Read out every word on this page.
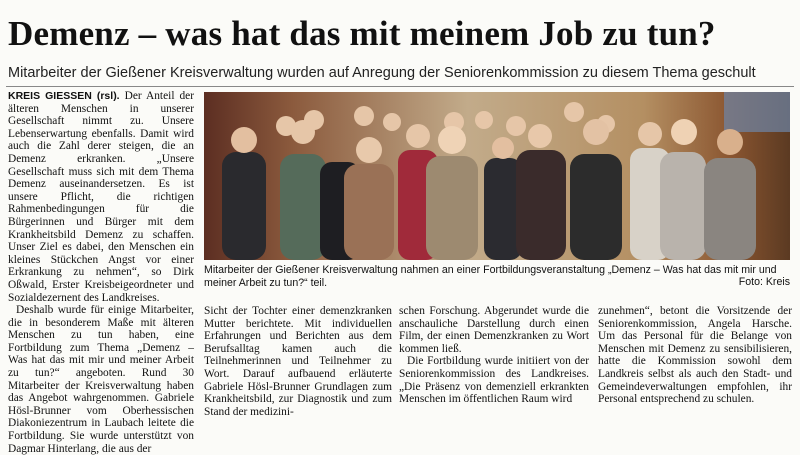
Demenz – was hat das mit meinem Job zu tun?
Mitarbeiter der Gießener Kreisverwaltung wurden auf Anregung der Seniorenkommission zu diesem Thema geschult

KREIS GIESSEN (rsl). Der Anteil der älteren Menschen in unserer Gesellschaft nimmt zu. Unsere Lebenserwartung ebenfalls. Damit wird auch die Zahl derer steigen, die an Demenz erkranken. „Unsere Gesellschaft muss sich mit dem Thema Demenz auseinandersetzen. Es ist unsere Pflicht, die richtigen Rahmenbedingungen für die Bürgerinnen und Bürger mit dem Krankheitsbild Demenz zu schaffen. Unser Ziel es dabei, den Menschen ein kleines Stückchen Angst vor einer Erkrankung zu nehmen“, so Dirk Oßwald, Erster Kreisbeigeordneter und Sozialdezernent des Landkreises.

Deshalb wurde für einige Mitarbeiter, die in besonderem Maße mit älteren Menschen zu tun haben, eine Fortbildung zum Thema „Demenz – Was hat das mit mir und meiner Arbeit zu tun?“ angeboten. Rund 30 Mitarbeiter der Kreisverwaltung haben das Angebot wahrgenommen. Gabriele Hösl-Brunner vom Oberhessischen Diakoniezentrum in Laubach leitete die Fortbildung. Sie wurde unterstützt von Dagmar Hinterlang, die aus der

Mitarbeiter der Gießener Kreisverwaltung nahmen an einer Fortbildungsveranstaltung „Demenz – Was hat das mit mir und meiner Arbeit zu tun?“ teil.	Foto: Kreis

Sicht der Tochter einer demenzkranken Mutter berichtete. Mit individuellen Erfahrungen und Berichten aus dem Berufsalltag kamen auch die Teilnehmerinnen und Teilnehmer zu Wort. Darauf aufbauend erläuterte Gabriele Hösl-Brunner Grundlagen zum Krankheitsbild, zur Diagnostik und zum Stand der medizini-

schen Forschung. Abgerundet wurde die anschauliche Darstellung durch einen Film, der einen Demenzkranken zu Wort kommen ließ.

Die Fortbildung wurde initiiert von der Seniorenkommission des Landkreises. „Die Präsenz von demenziell erkrankten Menschen im öffentlichen Raum wird

zunehmen“, betont die Vorsitzende der Seniorenkommission, Angela Harsche. Um das Personal für die Belange von Menschen mit Demenz zu sensibilisieren, hatte die Kommission sowohl dem Landkreis selbst als auch den Stadt- und Gemeindeverwaltungen empfohlen, ihr Personal entsprechend zu schulen.
